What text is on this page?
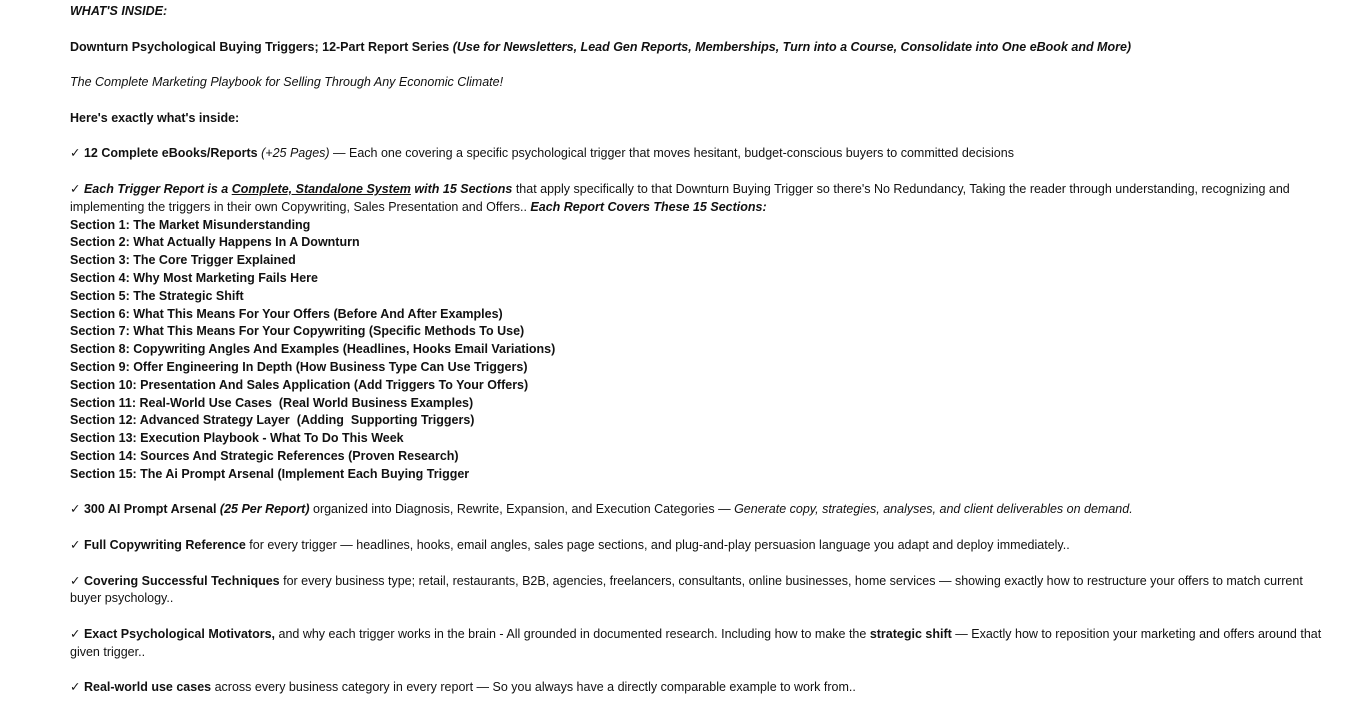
WHAT'S INSIDE:

Downturn Psychological Buying Triggers; 12-Part Report Series (Use for Newsletters, Lead Gen Reports, Memberships, Turn into a Course, Consolidate into One eBook and More)

The Complete Marketing Playbook for Selling Through Any Economic Climate!

Here's exactly what's inside:

✓ 12 Complete eBooks/Reports (+25 Pages) — Each one covering a specific psychological trigger that moves hesitant, budget-conscious buyers to committed decisions

✓ Each Trigger Report is a Complete, Standalone System with 15 Sections that apply specifically to that Downturn Buying Trigger so there's No Redundancy, Taking the reader through understanding, recognizing and implementing the triggers in their own Copywriting, Sales Presentation and Offers.. Each Report Covers These 15 Sections:

Section 1: The Market Misunderstanding
Section 2: What Actually Happens In A Downturn
Section 3: The Core Trigger Explained
Section 4: Why Most Marketing Fails Here
Section 5: The Strategic Shift
Section 6: What This Means For Your Offers (Before And After Examples)
Section 7: What This Means For Your Copywriting (Specific Methods To Use)
Section 8: Copywriting Angles And Examples (Headlines, Hooks Email Variations)
Section 9: Offer Engineering In Depth (How Business Type Can Use Triggers)
Section 10: Presentation And Sales Application (Add Triggers To Your Offers)
Section 11: Real-World Use Cases  (Real World Business Examples)
Section 12: Advanced Strategy Layer  (Adding  Supporting Triggers)
Section 13: Execution Playbook - What To Do This Week
Section 14: Sources And Strategic References (Proven Research)
Section 15: The Ai Prompt Arsenal (Implement Each Buying Trigger

✓ 300 AI Prompt Arsenal (25 Per Report) organized into Diagnosis, Rewrite, Expansion, and Execution Categories — Generate copy, strategies, analyses, and client deliverables on demand.

✓ Full Copywriting Reference for every trigger — headlines, hooks, email angles, sales page sections, and plug-and-play persuasion language you adapt and deploy immediately..

✓ Covering Successful Techniques for every business type; retail, restaurants, B2B, agencies, freelancers, consultants, online businesses, home services — showing exactly how to restructure your offers to match current buyer psychology..

✓ Exact Psychological Motivators, and why each trigger works in the brain - All grounded in documented research. Including how to make the strategic shift — Exactly how to reposition your marketing and offers around that given trigger..

✓ Real-world use cases across every business category in every report — So you always have a directly comparable example to work from..
